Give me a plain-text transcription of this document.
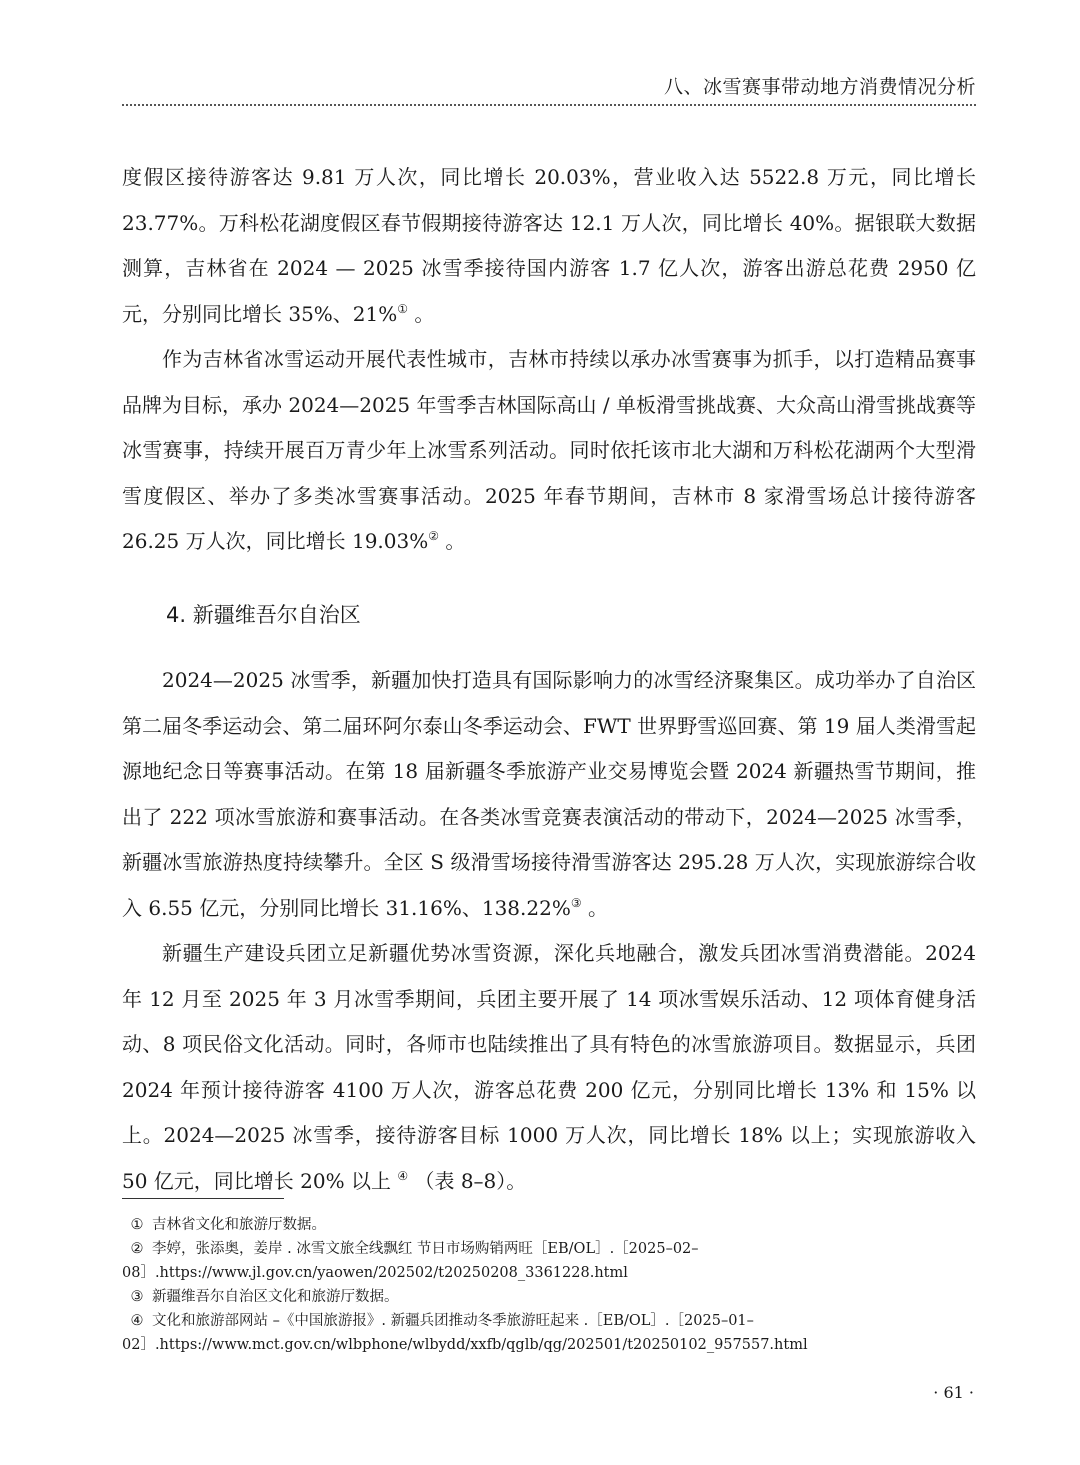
八、冰雪赛事带动地方消费情况分析

度假区接待游客达 9.81 万人次，同比增长 20.03%，营业收入达 5522.8 万元，同比增长 23.77%。万科松花湖度假区春节假期接待游客达 12.1 万人次，同比增长 40%。据银联大数据测算，吉林省在 2024 — 2025 冰雪季接待国内游客 1.7 亿人次，游客出游总花费 2950 亿元，分别同比增长 35%、21%① 。

作为吉林省冰雪运动开展代表性城市，吉林市持续以承办冰雪赛事为抓手，以打造精品赛事品牌为目标，承办 2024—2025 年雪季吉林国际高山 / 单板滑雪挑战赛、大众高山滑雪挑战赛等冰雪赛事，持续开展百万青少年上冰雪系列活动。同时依托该市北大湖和万科松花湖两个大型滑雪度假区、举办了多类冰雪赛事活动。2025 年春节期间，吉林市 8 家滑雪场总计接待游客 26.25 万人次，同比增长 19.03%② 。

4. 新疆维吾尔自治区

2024—2025 冰雪季，新疆加快打造具有国际影响力的冰雪经济聚集区。成功举办了自治区第二届冬季运动会、第二届环阿尔泰山冬季运动会、FWT 世界野雪巡回赛、第 19 届人类滑雪起源地纪念日等赛事活动。在第 18 届新疆冬季旅游产业交易博览会暨 2024 新疆热雪节期间，推出了 222 项冰雪旅游和赛事活动。在各类冰雪竞赛表演活动的带动下，2024—2025 冰雪季，新疆冰雪旅游热度持续攀升。全区 S 级滑雪场接待滑雪游客达 295.28 万人次，实现旅游综合收入 6.55 亿元，分别同比增长 31.16%、138.22%③ 。

新疆生产建设兵团立足新疆优势冰雪资源，深化兵地融合，激发兵团冰雪消费潜能。2024 年 12 月至 2025 年 3 月冰雪季期间，兵团主要开展了 14 项冰雪娱乐活动、12 项体育健身活动、8 项民俗文化活动。同时，各师市也陆续推出了具有特色的冰雪旅游项目。数据显示，兵团 2024 年预计接待游客 4100 万人次，游客总花费 200 亿元，分别同比增长 13% 和 15% 以上。2024—2025 冰雪季，接待游客目标 1000 万人次，同比增长 18% 以上；实现旅游收入 50 亿元，同比增长 20% 以上 ④ （表 8–8）。

① 吉林省文化和旅游厅数据。

② 李婷，张添奥，姜岸 . 冰雪文旅全线飘红 节日市场购销两旺［EB/OL］.［2025–02–08］.https://www.jl.gov.cn/yaowen/202502/t20250208_3361228.html

③ 新疆维吾尔自治区文化和旅游厅数据。

④ 文化和旅游部网站 –《中国旅游报》. 新疆兵团推动冬季旅游旺起来 .［EB/OL］.［2025–01–02］.https://www.mct.gov.cn/wlbphone/wlbydd/xxfb/qglb/qg/202501/t20250102_957557.html

· 61 ·
